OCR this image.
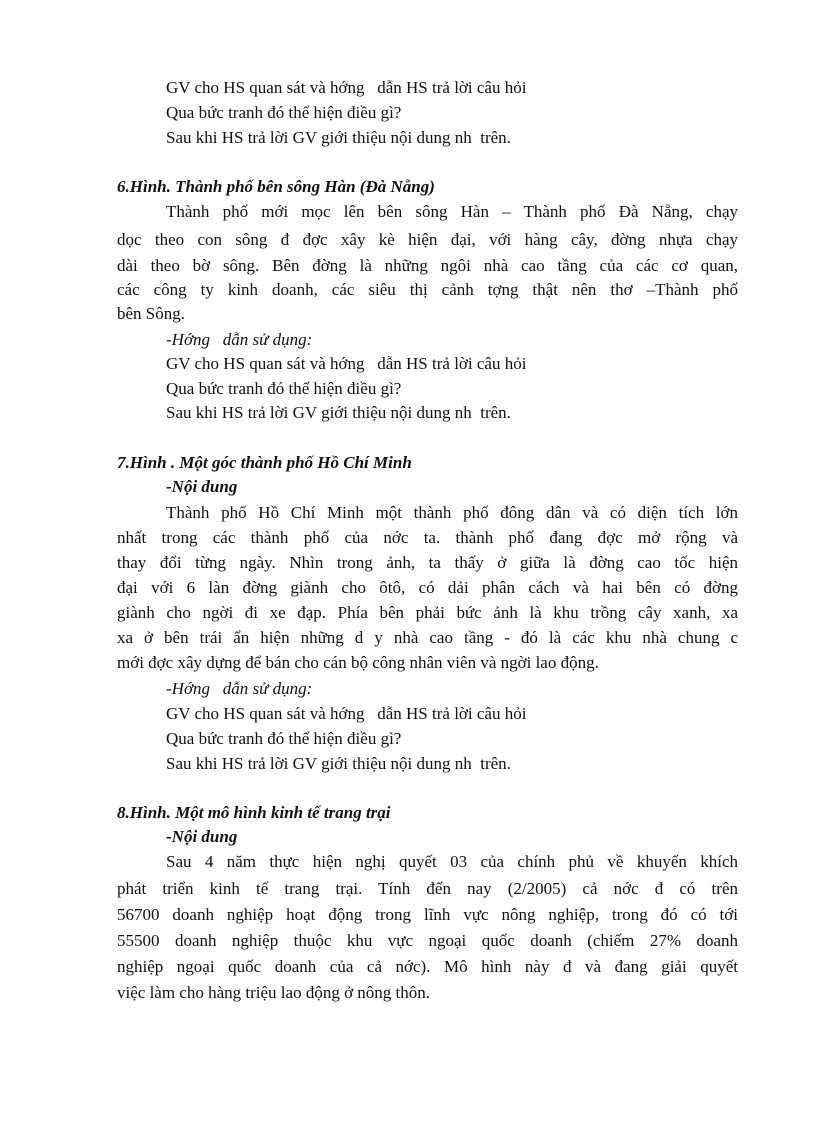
GV cho HS quan sát và hớng   dẫn HS trả lời câu hỏi
Qua bức tranh đó thể hiện điều gì?
Sau khi HS trả lời GV giới thiệu nội dung nh  trên.
6.Hình. Thành phố bên sông Hàn (Đà Nẵng)
Thành phố mới mọc lên bên sông Hàn – Thành phố Đà Nẵng, chạy
dọc theo con sông đ đợc xây kè hiện đại, với hàng cây, đờng nhựa chạy
dài theo bờ sông. Bên đờng là những ngôi nhà cao tầng của các cơ quan,
các công ty kinh doanh, các siêu thị cảnh tợng thật nên thơ –Thành phố
bên Sông.
-Hớng   dẫn sử dụng:
GV cho HS quan sát và hớng   dẫn HS trả lời câu hỏi
Qua bức tranh đó thể hiện điều gì?
Sau khi HS trả lời GV giới thiệu nội dung nh  trên.
7.Hình . Một góc thành phố Hồ Chí Minh
-Nội dung
Thành phố Hồ Chí Minh một thành phố đông dân và có diện tích lớn
nhất trong các thành phố của nớc ta. thành phố đang đợc mở rộng và
thay đổi từng ngày. Nhìn trong ảnh, ta thấy ở giữa là đờng cao tốc hiện
đại với 6 làn đờng giành cho ôtô, có dải phân cách và hai bên có đờng
giành cho ngời đi xe đạp. Phía bên phải bức ảnh là khu trồng cây xanh, xa
xa ở bên trái ẩn hiện những d y nhà cao tầng - đó là các khu nhà chung c
mới đợc xây dựng để bán cho cán bộ công nhân viên và ngời lao động.
-Hớng   dẫn sử dụng:
GV cho HS quan sát và hớng   dẫn HS trả lời câu hỏi
Qua bức tranh đó thể hiện điều gì?
Sau khi HS trả lời GV giới thiệu nội dung nh  trên.
8.Hình. Một mô hình kinh tế trang trại
-Nội dung
Sau 4 năm thực hiện nghị quyết 03 của chính phủ về khuyến khích
phát triển kinh tế trang trại. Tính đến nay (2/2005) cả nớc đ có trên
56700 doanh nghiệp hoạt động trong lĩnh vực nông nghiệp, trong đó có tới
55500 doanh nghiệp thuộc khu vực ngoại quốc doanh (chiếm 27% doanh
nghiệp ngoại quốc doanh của cả nớc). Mô hình này đ và đang giải quyết
việc làm cho hàng triệu lao động ở nông thôn.
